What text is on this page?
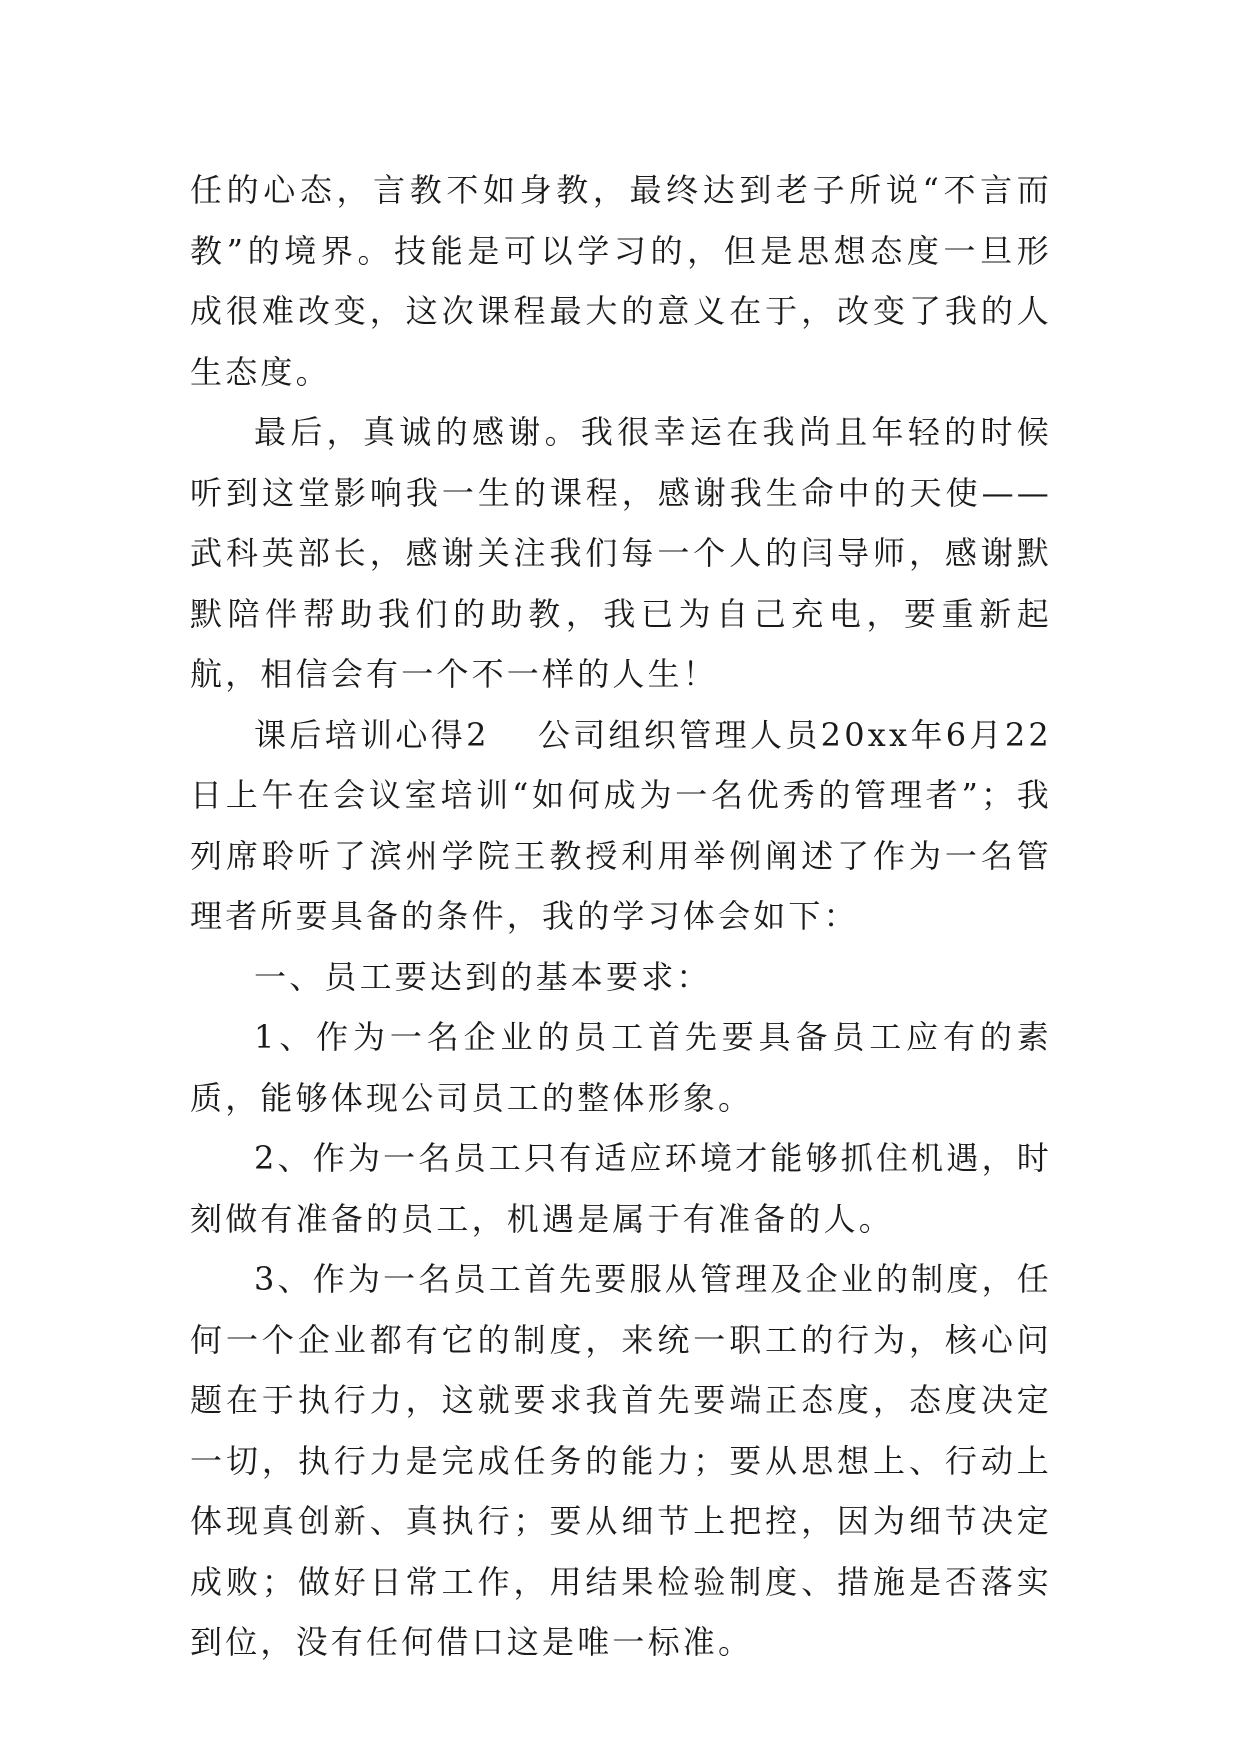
任的心态，言教不如身教，最终达到老子所说“不言而教”的境界。技能是可以学习的，但是思想态度一旦形成很难改变，这次课程最大的意义在于，改变了我的人生态度。

最后，真诚的感谢。我很幸运在我尚且年轻的时候听到这堂影响我一生的课程，感谢我生命中的天使——武科英部长，感谢关注我们每一个人的闫导师，感谢默默陪伴帮助我们的助教，我已为自己充电，要重新起航，相信会有一个不一样的人生！

课后培训心得2 公司组织管理人员20xx年6月22日上午在会议室培训“如何成为一名优秀的管理者”；我列席聆听了滨州学院王教授利用举例阐述了作为一名管理者所要具备的条件，我的学习体会如下：

一、员工要达到的基本要求：

1、作为一名企业的员工首先要具备员工应有的素质，能够体现公司员工的整体形象。

2、作为一名员工只有适应环境才能够抓住机遇，时刻做有准备的员工，机遇是属于有准备的人。

3、作为一名员工首先要服从管理及企业的制度，任何一个企业都有它的制度，来统一职工的行为，核心问题在于执行力，这就要求我首先要端正态度，态度决定一切，执行力是完成任务的能力；要从思想上、行动上体现真创新、真执行；要从细节上把控，因为细节决定成败；做好日常工作，用结果检验制度、措施是否落实到位，没有任何借口这是唯一标准。
